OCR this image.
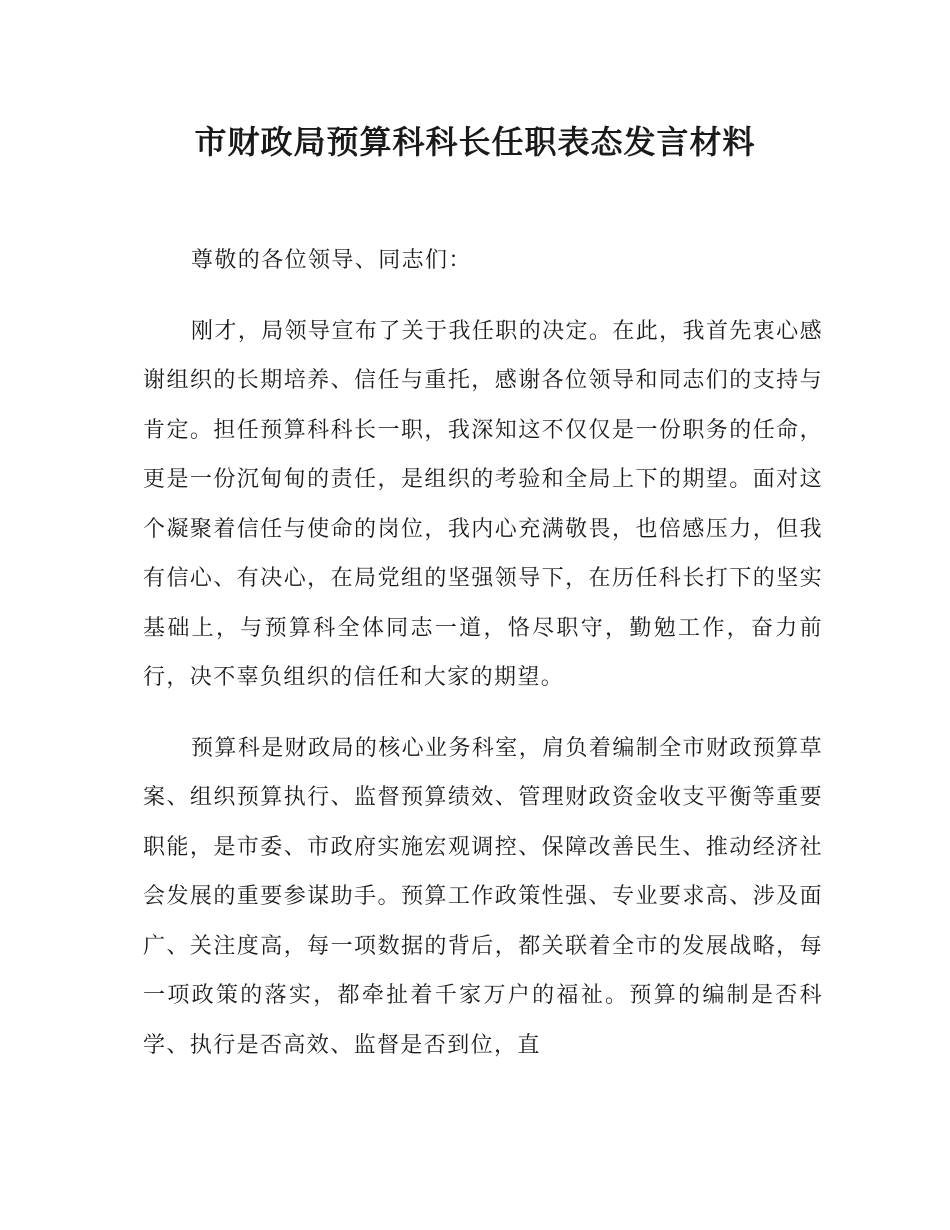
市财政局预算科科长任职表态发言材料

尊敬的各位领导、同志们：

刚才，局领导宣布了关于我任职的决定。在此，我首先衷心感谢组织的长期培养、信任与重托，感谢各位领导和同志们的支持与肯定。担任预算科科长一职，我深知这不仅仅是一份职务的任命，更是一份沉甸甸的责任，是组织的考验和全局上下的期望。面对这个凝聚着信任与使命的岗位，我内心充满敬畏，也倍感压力，但我有信心、有决心，在局党组的坚强领导下，在历任科长打下的坚实基础上，与预算科全体同志一道，恪尽职守，勤勉工作，奋力前行，决不辜负组织的信任和大家的期望。

预算科是财政局的核心业务科室，肩负着编制全市财政预算草案、组织预算执行、监督预算绩效、管理财政资金收支平衡等重要职能，是市委、市政府实施宏观调控、保障改善民生、推动经济社会发展的重要参谋助手。预算工作政策性强、专业要求高、涉及面广、关注度高，每一项数据的背后，都关联着全市的发展战略，每一项政策的落实，都牵扯着千家万户的福祉。预算的编制是否科学、执行是否高效、监督是否到位，直
